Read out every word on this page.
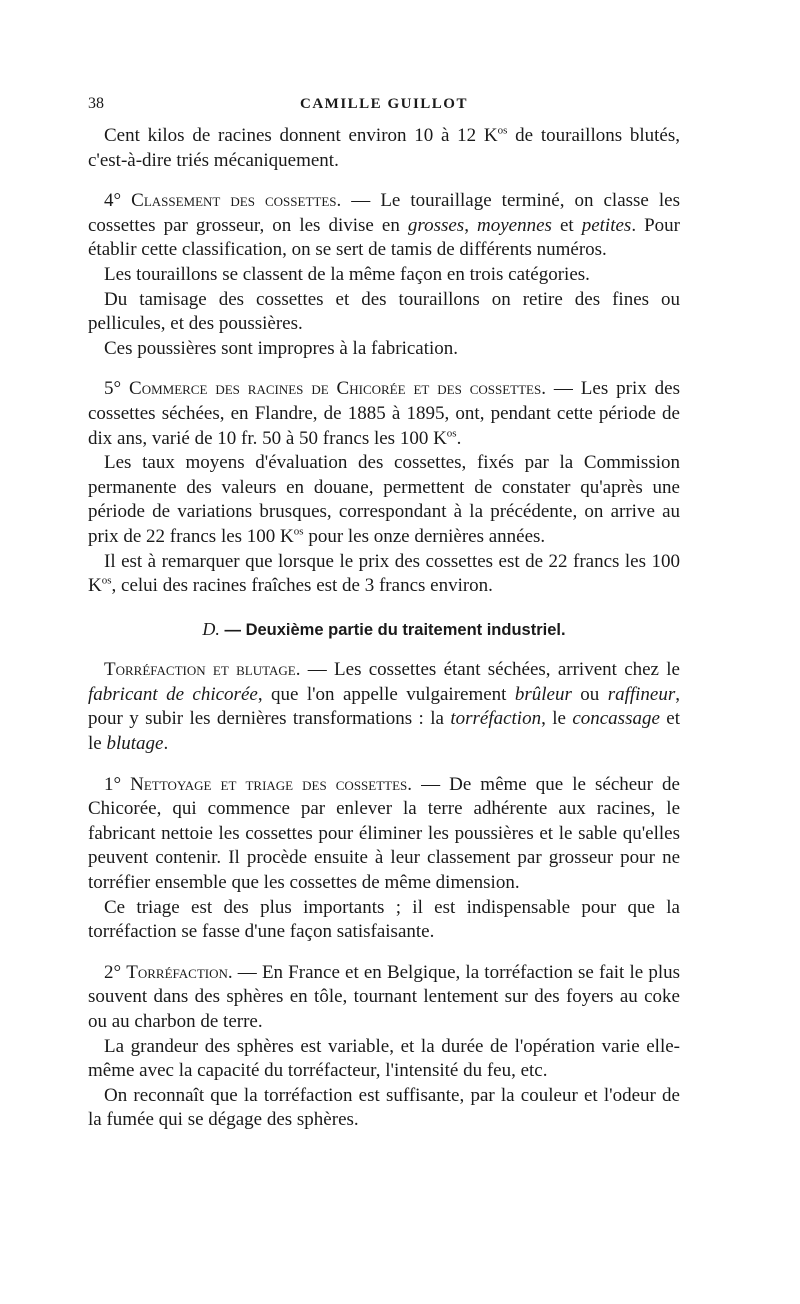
38	CAMILLE GUILLOT

Cent kilos de racines donnent environ 10 à 12 $K^{os}$ de touraillons blutés, c'est-à-dire triés mécaniquement.

4° Classement des cossettes. — Le touraillage terminé, on classe les cossettes par grosseur, on les divise en grosses, moyennes et petites. Pour établir cette classification, on se sert de tamis de différents numéros.

Les touraillons se classent de la même façon en trois catégories.

Du tamisage des cossettes et des touraillons on retire des fines ou pellicules, et des poussières.

Ces poussières sont impropres à la fabrication.

5° Commerce des racines de Chicorée et des cossettes. — Les prix des cossettes séchées, en Flandre, de 1885 à 1895, ont, pendant cette période de dix ans, varié de 10 fr. 50 à 50 francs les 100 $K^{os}$.

Les taux moyens d'évaluation des cossettes, fixés par la Commission permanente des valeurs en douane, permettent de constater qu'après une période de variations brusques, correspondant à la précédente, on arrive au prix de 22 francs les 100 $K^{os}$ pour les onze dernières années.

Il est à remarquer que lorsque le prix des cossettes est de 22 francs les 100 $K^{os}$, celui des racines fraîches est de 3 francs environ.

D. — Deuxième partie du traitement industriel.

Torréfaction et blutage. — Les cossettes étant séchées, arrivent chez le fabricant de chicorée, que l'on appelle vulgairement brûleur ou raffineur, pour y subir les dernières transformations : la torréfaction, le concassage et le blutage.

1° Nettoyage et triage des cossettes. — De même que le sécheur de Chicorée, qui commence par enlever la terre adhérente aux racines, le fabricant nettoie les cossettes pour éliminer les poussières et le sable qu'elles peuvent contenir. Il procède ensuite à leur classement par grosseur pour ne torréfier ensemble que les cossettes de même dimension.

Ce triage est des plus importants ; il est indispensable pour que la torréfaction se fasse d'une façon satisfaisante.

2° Torréfaction. — En France et en Belgique, la torréfaction se fait le plus souvent dans des sphères en tôle, tournant lentement sur des foyers au coke ou au charbon de terre.

La grandeur des sphères est variable, et la durée de l'opération varie elle-même avec la capacité du torréfacteur, l'intensité du feu, etc.

On reconnaît que la torréfaction est suffisante, par la couleur et l'odeur de la fumée qui se dégage des sphères.
